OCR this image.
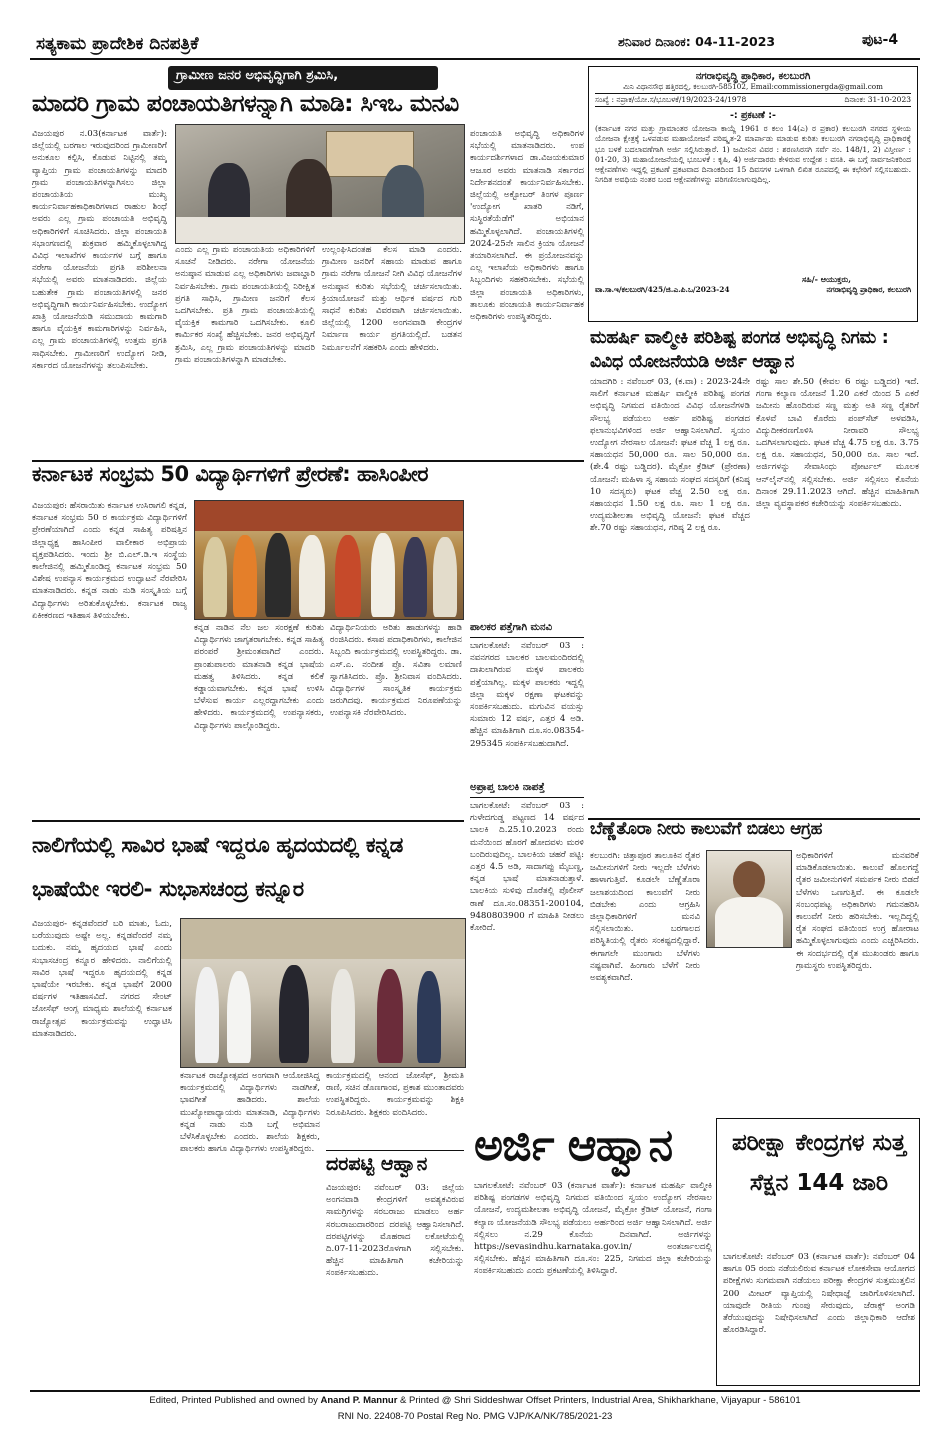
ಸತ್ಯಕಾಮ ಪ್ರಾದೇಶಿಕ ದಿನಪತ್ರಿಕೆ	ಶನಿವಾರ ದಿನಾಂಕ: 04-11-2023	ಪುಟ-4
ಗ್ರಾಮೀಣ ಜನರ ಅಭಿವೃದ್ಧಿಗಾಗಿ ಶ್ರಮಿಸಿ,
ಮಾದರಿ ಗ್ರಾಮ ಪಂಚಾಯತಿಗಳನ್ನಾಗಿ ಮಾಡಿ: ಸಿಇಒ ಮನವಿ
ವಿಜಯಪುರ ನ.03(ಕರ್ನಾಟಕ ವಾರ್ತೆ): ಜಿಲ್ಲೆಯಲ್ಲಿ ಬರಗಾಲ ಇರುವುದರಿಂದ ಗ್ರಾಮೀಣರಿಗೆ ಅನುಕೂಲ ಕಲ್ಪಿಸಿ, ಕೊಡುವ ನಿಟ್ಟಿನಲ್ಲಿ ತಮ್ಮ ವ್ಯಾಪ್ತಿಯ ಗ್ರಾಮ ಪಂಚಾಯತಿಗಳನ್ನು ಮಾದರಿ ಗ್ರಾಮ ಪಂಚಾಯತಿಗಳನ್ನಾಗಿಸಲು ಜಿಲ್ಲಾ ಪಂಚಾಯತಿಯ ಮುಖ್ಯ ಕಾರ್ಯನಿರ್ವಾಹಕಾಧಿಕಾರಿಗಳಾದ ರಾಹುಲ ಶಿಂಧೆ ಅವರು ಎಲ್ಲ ಗ್ರಾಮ ಪಂಚಾಯತಿ ಅಭಿವೃದ್ಧಿ ಅಧಿಕಾರಿಗಳಿಗೆ ಸೂಚಿಸಿದರು. ಜಿಲ್ಲಾ ಪಂಚಾಯತಿ ಸಭಾಂಗಣದಲ್ಲಿ ಶುಕ್ರವಾರ ಹಮ್ಮಿಕೊಳ್ಳಲಾಗಿದ್ದ ವಿವಿಧ ಇಲಾಖೆಗಳ ಕಾರ್ಯಗಳ ಬಗ್ಗೆ ಹಾಗೂ ನರೇಗಾ ಯೋಜನೆಯ ಪ್ರಗತಿ ಪರಿಶೀಲನಾ ಸಭೆಯಲ್ಲಿ ಅವರು ಮಾತನಾಡಿದರು. ಜಿಲ್ಲೆಯ ಬಹುತೇಕ ಗ್ರಾಮ ಪಂಚಾಯತಿಗಳಲ್ಲಿ ಜನರ ಅಭಿವೃದ್ಧಿಗಾಗಿ ಕಾರ್ಯನಿರ್ವಹಿಸಬೇಕು. ಉದ್ಯೋಗ ಖಾತ್ರಿ ಯೋಜನೆಯಡಿ ಸಮುದಾಯ ಕಾಮಗಾರಿ ಹಾಗೂ ವೈಯಕ್ತಿಕ ಕಾಮಗಾರಿಗಳನ್ನು ನಿರ್ವಹಿಸಿ, ಎಲ್ಲ ಗ್ರಾಮ ಪಂಚಾಯತಿಗಳಲ್ಲಿ ಉತ್ತಮ ಪ್ರಗತಿ ಸಾಧಿಸಬೇಕು. ಗ್ರಾಮೀಣರಿಗೆ ಉದ್ಯೋಗ ನೀಡಿ, ಸರ್ಕಾರದ ಯೋಜನೆಗಳನ್ನು ತಲುಪಿಸಬೇಕು.
ಎಂದು ಎಲ್ಲ ಗ್ರಾಮ ಪಂಚಾಯತಿಯ ಅಧಿಕಾರಿಗಳಿಗೆ ಸೂಚನೆ ನೀಡಿದರು. ನರೇಗಾ ಯೋಜನೆಯ ಅನುಷ್ಠಾನ ಮಾಡುವ ಎಲ್ಲ ಅಧಿಕಾರಿಗಳು ಜವಾಬ್ದಾರಿ ನಿರ್ವಹಿಸಬೇಕು. ಗ್ರಾಮ ಪಂಚಾಯತಿಯಲ್ಲಿ ನಿರೀಕ್ಷಿತ ಪ್ರಗತಿ ಸಾಧಿಸಿ, ಗ್ರಾಮೀಣ ಜನರಿಗೆ ಕೆಲಸ ಒದಗಿಸಬೇಕು. ಪ್ರತಿ ಗ್ರಾಮ ಪಂಚಾಯತಿಯಲ್ಲಿ ವೈಯಕ್ತಿಕ ಕಾಮಗಾರಿ ಒದಗಿಸಬೇಕು. ಕೂಲಿ ಕಾರ್ಮಿಕರ ಸಂಖ್ಯೆ ಹೆಚ್ಚಿಸಬೇಕು. ಜನರ ಅಭಿವೃದ್ಧಿಗೆ ಶ್ರಮಿಸಿ, ಎಲ್ಲ ಗ್ರಾಮ ಪಂಚಾಯತಿಗಳನ್ನು ಮಾದರಿ ಗ್ರಾಮ ಪಂಚಾಯತಿಗಳನ್ನಾಗಿ ಮಾಡಬೇಕು.
ಉಲ್ಲಂಘಿಸಿದಂತಹ ಕೆಲಸ ಮಾಡಿ ಎಂದರು. ಗ್ರಾಮೀಣ ಜನರಿಗೆ ಸಹಾಯ ಮಾಡುವ ಹಾಗೂ ಗ್ರಾಮ ನರೇಗಾ ಯೋಜನೆ ನೀಗಿ ವಿವಿಧ ಯೋಜನೆಗಳ ಅನುಷ್ಠಾನ ಕುರಿತು ಸಭೆಯಲ್ಲಿ ಚರ್ಚಿಸಲಾಯಿತು. ಕ್ರಿಯಾಯೋಜನೆ ಮತ್ತು ಆರ್ಥಿಕ ವರ್ಷದ ಗುರಿ ಸಾಧನೆ ಕುರಿತು ವಿವರವಾಗಿ ಚರ್ಚಿಸಲಾಯಿತು. ಜಿಲ್ಲೆಯಲ್ಲಿ 1200 ಅಂಗನವಾಡಿ ಕೇಂದ್ರಗಳ ನಿರ್ಮಾಣ ಕಾರ್ಯ ಪ್ರಗತಿಯಲ್ಲಿದೆ. ಬಡತನ ನಿರ್ಮೂಲನೆಗೆ ಸಹಕರಿಸಿ ಎಂದು ಹೇಳಿದರು.
ಪಂಚಾಯತಿ ಅಭಿವೃದ್ಧಿ ಅಧಿಕಾರಿಗಳ ಸಭೆಯಲ್ಲಿ ಮಾತನಾಡಿದರು. ಉಪ ಕಾರ್ಯದರ್ಶಿಗಳಾದ ಡಾ.ವಿಜಯಕುಮಾರ ಆಜೂರ ಅವರು ಮಾತನಾಡಿ ಸರ್ಕಾರದ ನಿರ್ದೇಶನದಂತೆ ಕಾರ್ಯನಿರ್ವಹಿಸಬೇಕು. ಜಿಲ್ಲೆಯಲ್ಲಿ ಅಕ್ಟೋಬರ್ ತಿಂಗಳ ಪೂರ್ಣ 'ಉದ್ಯೋಗ ಖಾತರಿ ನಡಿಗೆ, ಸುಸ್ಥಿರತೆಯೆಡೆಗೆ' ಅಭಿಯಾನ ಹಮ್ಮಿಕೊಳ್ಳಲಾಗಿದೆ. ಪಂಚಾಯತಿಗಳಲ್ಲಿ 2024-25ನೇ ಸಾಲಿನ ಕ್ರಿಯಾ ಯೋಜನೆ ತಯಾರಿಸಲಾಗಿದೆ. ಈ ಪ್ರಯೋಜನವನ್ನು ಎಲ್ಲ ಇಲಾಖೆಯ ಅಧಿಕಾರಿಗಳು ಹಾಗೂ ಸಿಬ್ಬಂದಿಗಳು ಸಹಕರಿಸಬೇಕು. ಸಭೆಯಲ್ಲಿ ಜಿಲ್ಲಾ ಪಂಚಾಯತಿ ಅಧಿಕಾರಿಗಳು, ತಾಲೂಕು ಪಂಚಾಯತಿ ಕಾರ್ಯನಿರ್ವಾಹಕ ಅಧಿಕಾರಿಗಳು ಉಪಸ್ಥಿತರಿದ್ದರು.
ನಗರಾಭಿವೃದ್ಧಿ ಪ್ರಾಧಿಕಾರ, ಕಲಬುರಗಿ
ಮಿನಿ ವಿಧಾನಸೌಧ ಹತ್ತಿರದಲ್ಲಿ, ಕಲಬುರಗಿ-585102, Email:commissionergda@gmail.com
ಸಂಖ್ಯೆ : ನಪ್ರಾಕ/ಯೋ.ಸ/ಭೂಬಳಕೆ/19/2023-24/1978	ದಿನಾಂಕ: 31-10-2023
-: ಪ್ರಕಟಣೆ :-
(ಕರ್ನಾಟಕ ನಗರ ಮತ್ತು ಗ್ರಾಮಾಂತರ ಯೋಜನಾ ಕಾಯ್ದೆ 1961 ರ ಕಲಂ 14(ಎ) ರ ಪ್ರಕಾರ) ಕಲಬುರಗಿ ನಗರದ ಸ್ಥಳೀಯ ಯೋಜನಾ ಕ್ಷೇತ್ರಕ್ಕೆ ಒಳಪಡುವ ಮಹಾಯೋಜನೆ ಪರಿಷ್ಕೃತ-2 ಮಾರ್ಪಾಡು ಮಾಡುವ ಕುರಿತು ಕಲಬುರಗಿ ನಗರಾಭಿವೃದ್ಧಿ ಪ್ರಾಧಿಕಾರಕ್ಕೆ ಭೂ ಬಳಕೆ ಬದಲಾವಣೆಗಾಗಿ ಅರ್ಜಿ ಸಲ್ಲಿಸಿರುತ್ತಾರೆ. 1) ಜಮೀನಿನ ವಿವರ : ಶರಣಸಿರಸಗಿ ಸರ್ವೆ ನಂ. 148/1, 2) ವಿಸ್ತೀರ್ಣ : 01-20, 3) ಮಹಾಯೋಜನೆಯಲ್ಲಿ ಭೂಬಳಕೆ : ಕೃಷಿ, 4) ಅರ್ಜಿದಾರರು ಕೇಳಿರುವ ಉದ್ದೇಶ : ವಸತಿ. ಈ ಬಗ್ಗೆ ಸಾರ್ವಜನಿಕರಿಂದ ಆಕ್ಷೇಪಣೆಗಳು ಇದ್ದಲ್ಲಿ ಪ್ರಕಟಣೆ ಪ್ರಕಟವಾದ ದಿನಾಂಕದಿಂದ 15 ದಿವಸಗಳ ಒಳಗಾಗಿ ಲಿಖಿತ ರೂಪದಲ್ಲಿ ಈ ಕಛೇರಿಗೆ ಸಲ್ಲಿಸಬಹುದು. ನಿಗದಿತ ಅವಧಿಯ ನಂತರ ಬಂದ ಆಕ್ಷೇಪಣೆಗಳನ್ನು ಪರಿಗಣಿಸಲಾಗುವುದಿಲ್ಲ.
ಸಹಿ/- ಆಯುಕ್ತರು,
ವಾ.ಸಾ.ಇ/ಕಲಬುರಗಿ/425/ಜಿ.ಎ.ಪಿ.ಒ/2023-24	ನಗರಾಭಿವೃದ್ಧಿ ಪ್ರಾಧಿಕಾರ, ಕಲಬುರಗಿ
ಮಹರ್ಷಿ ವಾಲ್ಮೀಕಿ ಪರಿಶಿಷ್ಟ ಪಂಗಡ ಅಭಿವೃದ್ಧಿ ನಿಗಮ : ವಿವಿಧ ಯೋಜನೆಯಡಿ ಅರ್ಜಿ ಆಹ್ವಾನ
ಯಾದಗಿರಿ : ನವೆಂಬರ್ 03, (ಕ.ವಾ) : 2023-24ನೇ ಸಾಲಿಗೆ ಕರ್ನಾಟಕ ಮಹರ್ಷಿ ವಾಲ್ಮೀಕಿ ಪರಿಶಿಷ್ಟ ಪಂಗಡ ಅಭಿವೃದ್ಧಿ ನಿಗಮದ ವತಿಯಿಂದ ವಿವಿಧ ಯೋಜನೆಗಳಡಿ ಸೌಲಭ್ಯ ಪಡೆಯಲು ಅರ್ಹ ಪರಿಶಿಷ್ಟ ಪಂಗಡದ ಫಲಾನುಭವಿಗಳಿಂದ ಅರ್ಜಿ ಆಹ್ವಾನಿಸಲಾಗಿದೆ. ಸ್ವಯಂ ಉದ್ಯೋಗ ನೇರಸಾಲ ಯೋಜನೆ: ಘಟಕ ವೆಚ್ಚ 1 ಲಕ್ಷ ರೂ. ಸಹಾಯಧನ 50,000 ರೂ. ಸಾಲ 50,000 ರೂ. (ಶೇ.4 ರಷ್ಟು ಬಡ್ಡಿದರ). ಮೈಕ್ರೋ ಕ್ರೆಡಿಟ್ (ಪ್ರೇರಣಾ) ಯೋಜನೆ: ಮಹಿಳಾ ಸ್ವ ಸಹಾಯ ಸಂಘದ ಸದಸ್ಯರಿಗೆ (ಕನಿಷ್ಠ 10 ಸದಸ್ಯರು) ಘಟಕ ವೆಚ್ಚ 2.50 ಲಕ್ಷ ರೂ. ಸಹಾಯಧನ 1.50 ಲಕ್ಷ ರೂ. ಸಾಲ 1 ಲಕ್ಷ ರೂ. ಉದ್ಯಮಶೀಲತಾ ಅಭಿವೃದ್ಧಿ ಯೋಜನೆ: ಘಟಕ ವೆಚ್ಚದ ಶೇ.70 ರಷ್ಟು ಸಹಾಯಧನ, ಗರಿಷ್ಠ 2 ಲಕ್ಷ ರೂ.
ರಷ್ಟು ಸಾಲ ಶೇ.50 (ಕೇವಲ 6 ರಷ್ಟು ಬಡ್ಡಿದರ) ಇದೆ. ಗಂಗಾ ಕಲ್ಯಾಣ ಯೋಜನೆ 1.20 ಎಕರೆ ಯಿಂದ 5 ಎಕರೆ ಜಮೀನು ಹೊಂದಿರುವ ಸಣ್ಣ ಮತ್ತು ಅತಿ ಸಣ್ಣ ರೈತರಿಗೆ ಕೊಳವೆ ಬಾವಿ ಕೊರೆದು ಪಂಪ್‌ಸೆಟ್ ಅಳವಡಿಸಿ, ವಿದ್ಯುದೀಕರಣಗೊಳಿಸಿ ನೀರಾವರಿ ಸೌಲಭ್ಯ ಒದಗಿಸಲಾಗುವುದು. ಘಟಕ ವೆಚ್ಚ 4.75 ಲಕ್ಷ ರೂ. 3.75 ಲಕ್ಷ ರೂ. ಸಹಾಯಧನ, 50,000 ರೂ. ಸಾಲ ಇದೆ. ಅರ್ಜಿಗಳನ್ನು ಸೇವಾಸಿಂಧು ಪೋರ್ಟಲ್ ಮೂಲಕ ಆನ್‌ಲೈನ್‌ನಲ್ಲಿ ಸಲ್ಲಿಸಬೇಕು. ಅರ್ಜಿ ಸಲ್ಲಿಸಲು ಕೊನೆಯ ದಿನಾಂಕ 29.11.2023 ಆಗಿದೆ. ಹೆಚ್ಚಿನ ಮಾಹಿತಿಗಾಗಿ ಜಿಲ್ಲಾ ವ್ಯವಸ್ಥಾಪಕರ ಕಚೇರಿಯನ್ನು ಸಂಪರ್ಕಿಸಬಹುದು.
ಕರ್ನಾಟಕ ಸಂಭ್ರಮ 50 ವಿದ್ಯಾರ್ಥಿಗಳಿಗೆ ಪ್ರೇರಣೆ: ಹಾಸಿಂಪೀರ
ವಿಜಯಪುರ: ಹೆಸರಾಯಿತು ಕರ್ನಾಟಕ ಉಸಿರಾಗಲಿ ಕನ್ನಡ, ಕರ್ನಾಟಕ ಸಂಭ್ರಮ 50 ರ ಕಾರ್ಯಕ್ರಮ ವಿದ್ಯಾರ್ಥಿಗಳಿಗೆ ಪ್ರೇರಣೆಯಾಗಿದೆ ಎಂದು ಕನ್ನಡ ಸಾಹಿತ್ಯ ಪರಿಷತ್ತಿನ ಜಿಲ್ಲಾಧ್ಯಕ್ಷ ಹಾಸಿಂಪೀರ ವಾಲೀಕಾರ ಅಭಿಪ್ರಾಯ ವ್ಯಕ್ತಪಡಿಸಿದರು. ಇಂದು ಶ್ರೀ ಬಿ.ಎಲ್.ಡಿ.ಇ ಸಂಸ್ಥೆಯ ಕಾಲೇಜಿನಲ್ಲಿ ಹಮ್ಮಿಕೊಂಡಿದ್ದ ಕರ್ನಾಟಕ ಸಂಭ್ರಮ 50 ವಿಶೇಷ ಉಪನ್ಯಾಸ ಕಾರ್ಯಕ್ರಮದ ಉದ್ಘಾಟನೆ ನೆರವೇರಿಸಿ ಮಾತನಾಡಿದರು. ಕನ್ನಡ ನಾಡು ನುಡಿ ಸಂಸ್ಕೃತಿಯ ಬಗ್ಗೆ ವಿದ್ಯಾರ್ಥಿಗಳು ಅರಿತುಕೊಳ್ಳಬೇಕು. ಕರ್ನಾಟಕ ರಾಜ್ಯ ಏಕೀಕರಣದ ಇತಿಹಾಸ ತಿಳಿಯಬೇಕು.
ಕನ್ನಡ ನಾಡಿನ ನೆಲ ಜಲ ಸಂರಕ್ಷಣೆ ಕುರಿತು ವಿದ್ಯಾರ್ಥಿಗಳು ಜಾಗೃತರಾಗಬೇಕು. ಕನ್ನಡ ಸಾಹಿತ್ಯ ಪರಂಪರೆ ಶ್ರೀಮಂತವಾಗಿದೆ ಎಂದರು. ಪ್ರಾಂಶುಪಾಲರು ಮಾತನಾಡಿ ಕನ್ನಡ ಭಾಷೆಯ ಮಹತ್ವ ತಿಳಿಸಿದರು. ಕನ್ನಡ ಕಲಿಕೆ ಕಡ್ಡಾಯವಾಗಬೇಕು. ಕನ್ನಡ ಭಾಷೆ ಉಳಿಸಿ ಬೆಳೆಸುವ ಕಾರ್ಯ ಎಲ್ಲರದ್ದಾಗಬೇಕು ಎಂದು ಹೇಳಿದರು. ಕಾರ್ಯಕ್ರಮದಲ್ಲಿ ಉಪನ್ಯಾಸಕರು, ವಿದ್ಯಾರ್ಥಿಗಳು ಪಾಲ್ಗೊಂಡಿದ್ದರು.
ವಿದ್ಯಾರ್ಥಿನಿಯರು ಅರಿತು ಹಾಡುಗಳನ್ನು ಹಾಡಿ ರಂಜಿಸಿದರು. ಕಸಾಪ ಪದಾಧಿಕಾರಿಗಳು, ಕಾಲೇಜಿನ ಸಿಬ್ಬಂದಿ ಕಾರ್ಯಕ್ರಮದಲ್ಲಿ ಉಪಸ್ಥಿತರಿದ್ದರು. ಡಾ. ಎಸ್.ಎ. ನಂದೀಶ ಪ್ರೊ. ಸವಿತಾ ಲಮಾಣಿ ಸ್ವಾಗತಿಸಿದರು. ಪ್ರೊ. ಶ್ರೀನಿವಾಸ ವಂದಿಸಿದರು. ವಿದ್ಯಾರ್ಥಿಗಳ ಸಾಂಸ್ಕೃತಿಕ ಕಾರ್ಯಕ್ರಮ ಜರುಗಿದವು. ಕಾರ್ಯಕ್ರಮದ ನಿರೂಪಣೆಯನ್ನು ಉಪನ್ಯಾಸಕಿ ನೆರವೇರಿಸಿದರು.
ಪಾಲಕರ ಪತ್ತೆಗಾಗಿ ಮನವಿ
ಬಾಗಲಕೋಟೆ: ನವೆಂಬರ್ 03 : ನವನಗರದ ಬಾಲಕರ ಬಾಲಮಂದಿರದಲ್ಲಿ ದಾಖಲಾಗಿರುವ ಮಕ್ಕಳ ಪಾಲಕರು ಪತ್ತೆಯಾಗಿಲ್ಲ. ಮಕ್ಕಳ ಪಾಲಕರು ಇದ್ದಲ್ಲಿ ಜಿಲ್ಲಾ ಮಕ್ಕಳ ರಕ್ಷಣಾ ಘಟಕವನ್ನು ಸಂಪರ್ಕಿಸಬಹುದು. ಮಗುವಿನ ವಯಸ್ಸು ಸುಮಾರು 12 ವರ್ಷ, ಎತ್ತರ 4 ಅಡಿ. ಹೆಚ್ಚಿನ ಮಾಹಿತಿಗಾಗಿ ದೂ.ಸಂ.08354-295345 ಸಂಪರ್ಕಿಸಬಹುದಾಗಿದೆ.
ಅಪ್ರಾಪ್ತ ಬಾಲಕಿ ನಾಪತ್ತೆ
ಬಾಗಲಕೋಟೆ: ನವೆಂಬರ್ 03 : ಗುಳೇದಗುಡ್ಡ ಪಟ್ಟಣದ 14 ವರ್ಷದ ಬಾಲಕಿ ದಿ.25.10.2023 ರಂದು ಮನೆಯಿಂದ ಹೊರಗೆ ಹೋದವಳು ಮರಳಿ ಬಂದಿರುವುದಿಲ್ಲ. ಬಾಲಕಿಯ ಚಹರೆ ಪಟ್ಟಿ: ಎತ್ತರ 4.5 ಅಡಿ, ಸಾದಾಗಪ್ಪು ಮೈಬಣ್ಣ, ಕನ್ನಡ ಭಾಷೆ ಮಾತನಾಡುತ್ತಾಳೆ. ಬಾಲಕಿಯ ಸುಳಿವು ದೊರೆತಲ್ಲಿ ಪೊಲೀಸ್ ಠಾಣೆ ದೂ.ಸಂ.08351-200104, 9480803900 ಗೆ ಮಾಹಿತಿ ನೀಡಲು ಕೋರಿದೆ.
ಬೆಣ್ಣೆತೊರಾ ನೀರು ಕಾಲುವೆಗೆ ಬಿಡಲು ಆಗ್ರಹ
ಕಲಬುರಗಿ: ಚಿತ್ತಾಪೂರ ತಾಲೂಕಿನ ರೈತರ ಜಮೀನುಗಳಿಗೆ ನೀರು ಇಲ್ಲದೇ ಬೆಳೆಗಳು ಹಾಳಾಗುತ್ತಿವೆ. ಕೂಡಲೇ ಬೆಣ್ಣೆತೊರಾ ಜಲಾಶಯದಿಂದ ಕಾಲುವೆಗೆ ನೀರು ಬಿಡಬೇಕು ಎಂದು ಆಗ್ರಹಿಸಿ ಜಿಲ್ಲಾಧಿಕಾರಿಗಳಿಗೆ ಮನವಿ ಸಲ್ಲಿಸಲಾಯಿತು. ಬರಗಾಲದ ಪರಿಸ್ಥಿತಿಯಲ್ಲಿ ರೈತರು ಸಂಕಷ್ಟದಲ್ಲಿದ್ದಾರೆ. ಈಗಾಗಲೇ ಮುಂಗಾರು ಬೆಳೆಗಳು ನಷ್ಟವಾಗಿವೆ. ಹಿಂಗಾರು ಬೆಳೆಗೆ ನೀರು ಅವಶ್ಯಕವಾಗಿದೆ.
ಅಧಿಕಾರಿಗಳಿಗೆ ಮನವರಿಕೆ ಮಾಡಿಕೊಡಲಾಯಿತು. ಕಾಲುವೆ ಹೊಲಗದ್ದೆ ರೈತರ ಜಮೀನುಗಳಿಗೆ ಸಮರ್ಪಕ ನೀರು ಬಿಡದೆ ಬೆಳೆಗಳು ಒಣಗುತ್ತಿವೆ. ಈ ಕೂಡಲೇ ಸಂಬಂಧಪಟ್ಟ ಅಧಿಕಾರಿಗಳು ಗಮನಹರಿಸಿ ಕಾಲುವೆಗೆ ನೀರು ಹರಿಸಬೇಕು. ಇಲ್ಲದಿದ್ದಲ್ಲಿ ರೈತ ಸಂಘದ ವತಿಯಿಂದ ಉಗ್ರ ಹೋರಾಟ ಹಮ್ಮಿಕೊಳ್ಳಲಾಗುವುದು ಎಂದು ಎಚ್ಚರಿಸಿದರು. ಈ ಸಂದರ್ಭದಲ್ಲಿ ರೈತ ಮುಖಂಡರು ಹಾಗೂ ಗ್ರಾಮಸ್ಥರು ಉಪಸ್ಥಿತರಿದ್ದರು.
ನಾಲಿಗೆಯಲ್ಲಿ ಸಾವಿರ ಭಾಷೆ ಇದ್ದರೂ ಹೃದಯದಲ್ಲಿ ಕನ್ನಡ ಭಾಷೆಯೇ ಇರಲಿ- ಸುಭಾಸಚಂದ್ರ ಕನ್ನೂರ
ವಿಜಯಪುರ- ಕನ್ನಡವೆಂದರೆ ಬರಿ ಮಾತು, ಓದು, ಬರೆಯುವುದು ಅಷ್ಟೇ ಅಲ್ಲ. ಕನ್ನಡವೆಂದರೆ ನಮ್ಮ ಬದುಕು. ನಮ್ಮ ಹೃದಯದ ಭಾಷೆ ಎಂದು ಸುಭಾಸಚಂದ್ರ ಕನ್ನೂರ ಹೇಳಿದರು. ನಾಲಿಗೆಯಲ್ಲಿ ಸಾವಿರ ಭಾಷೆ ಇದ್ದರೂ ಹೃದಯದಲ್ಲಿ ಕನ್ನಡ ಭಾಷೆಯೇ ಇರಬೇಕು. ಕನ್ನಡ ಭಾಷೆಗೆ 2000 ವರ್ಷಗಳ ಇತಿಹಾಸವಿದೆ. ನಗರದ ಸೇಂಟ್ ಜೋಸೆಫ್ ಆಂಗ್ಲ ಮಾಧ್ಯಮ ಶಾಲೆಯಲ್ಲಿ ಕರ್ನಾಟಕ ರಾಜ್ಯೋತ್ಸವ ಕಾರ್ಯಕ್ರಮವನ್ನು ಉದ್ಘಾಟಿಸಿ ಮಾತನಾಡಿದರು.
ಕರ್ನಾಟಕ ರಾಜ್ಯೋತ್ಸವದ ಅಂಗವಾಗಿ ಆಯೋಜಿಸಿದ್ದ ಕಾರ್ಯಕ್ರಮದಲ್ಲಿ ವಿದ್ಯಾರ್ಥಿಗಳು ನಾಡಗೀತೆ, ಭಾವಗೀತೆ ಹಾಡಿದರು. ಶಾಲೆಯ ಮುಖ್ಯೋಪಾಧ್ಯಾಯರು ಮಾತನಾಡಿ, ವಿದ್ಯಾರ್ಥಿಗಳು ಕನ್ನಡ ನಾಡು ನುಡಿ ಬಗ್ಗೆ ಅಭಿಮಾನ ಬೆಳೆಸಿಕೊಳ್ಳಬೇಕು ಎಂದರು. ಶಾಲೆಯ ಶಿಕ್ಷಕರು, ಪಾಲಕರು ಹಾಗೂ ವಿದ್ಯಾರ್ಥಿಗಳು ಉಪಸ್ಥಿತರಿದ್ದರು.
ಕಾರ್ಯಕ್ರಮದಲ್ಲಿ ಆನಂದ ಜೋಸೆಫ್, ಶ್ರೀಮತಿ ರಾಣಿ, ಸಚಿನ ಡೊಣಗಾಂವ, ಪ್ರಕಾಶ ಮುಂತಾದವರು ಉಪಸ್ಥಿತರಿದ್ದರು. ಕಾರ್ಯಕ್ರಮವನ್ನು ಶಿಕ್ಷಕಿ ನಿರೂಪಿಸಿದರು. ಶಿಕ್ಷಕರು ವಂದಿಸಿದರು.
ದರಪಟ್ಟಿ ಆಹ್ವಾನ
ವಿಜಯಪುರ: ನವೆಂಬರ್ 03: ಜಿಲ್ಲೆಯ ಅಂಗನವಾಡಿ ಕೇಂದ್ರಗಳಿಗೆ ಅವಶ್ಯಕವಿರುವ ಸಾಮಗ್ರಿಗಳನ್ನು ಸರಬರಾಜು ಮಾಡಲು ಅರ್ಹ ಸರಬರಾಜುದಾರರಿಂದ ದರಪಟ್ಟಿ ಆಹ್ವಾನಿಸಲಾಗಿದೆ. ದರಪಟ್ಟಿಗಳನ್ನು ಮೊಹರಾದ ಲಕೋಟೆಯಲ್ಲಿ ದಿ.07-11-2023ರೊಳಗಾಗಿ ಸಲ್ಲಿಸಬೇಕು. ಹೆಚ್ಚಿನ ಮಾಹಿತಿಗಾಗಿ ಕಚೇರಿಯನ್ನು ಸಂಪರ್ಕಿಸಬಹುದು.
ಅರ್ಜಿ ಆಹ್ವಾನ
ಬಾಗಲಕೋಟೆ: ನವೆಂಬರ್ 03 (ಕರ್ನಾಟಕ ವಾರ್ತೆ): ಕರ್ನಾಟಕ ಮಹರ್ಷಿ ವಾಲ್ಮೀಕಿ ಪರಿಶಿಷ್ಟ ಪಂಗಡಗಳ ಅಭಿವೃದ್ಧಿ ನಿಗಮದ ವತಿಯಿಂದ ಸ್ವಯಂ ಉದ್ಯೋಗ ನೇರಸಾಲ ಯೋಜನೆ, ಉದ್ಯಮಶೀಲತಾ ಅಭಿವೃದ್ಧಿ ಯೋಜನೆ, ಮೈಕ್ರೋ ಕ್ರೆಡಿಟ್ ಯೋಜನೆ, ಗಂಗಾ ಕಲ್ಯಾಣ ಯೋಜನೆಯಡಿ ಸೌಲಭ್ಯ ಪಡೆಯಲು ಅರ್ಹರಿಂದ ಅರ್ಜಿ ಆಹ್ವಾನಿಸಲಾಗಿದೆ. ಅರ್ಜಿ ಸಲ್ಲಿಸಲು ನ.29 ಕೊನೆಯ ದಿನವಾಗಿದೆ. ಅರ್ಜಿಗಳನ್ನು https://sevasindhu.karnataka.gov.in/ ಅಂತರ್ಜಾಲದಲ್ಲಿ ಸಲ್ಲಿಸಬೇಕು. ಹೆಚ್ಚಿನ ಮಾಹಿತಿಗಾಗಿ ದೂ.ಸಂ: 225, ನಿಗಮದ ಜಿಲ್ಲಾ ಕಚೇರಿಯನ್ನು ಸಂಪರ್ಕಿಸಬಹುದು ಎಂದು ಪ್ರಕಟಣೆಯಲ್ಲಿ ತಿಳಿಸಿದ್ದಾರೆ.
ಪರೀಕ್ಷಾ ಕೇಂದ್ರಗಳ ಸುತ್ತ ಸೆಕ್ಷನ 144 ಜಾರಿ
ಬಾಗಲಕೋಟೆ: ನವೆಂಬರ್ 03 (ಕರ್ನಾಟಕ ವಾರ್ತೆ): ನವೆಂಬರ್ 04 ಹಾಗೂ 05 ರಂದು ನಡೆಯಲಿರುವ ಕರ್ನಾಟಕ ಲೋಕಸೇವಾ ಆಯೋಗದ ಪರೀಕ್ಷೆಗಳು ಸುಗಮವಾಗಿ ನಡೆಯಲು ಪರೀಕ್ಷಾ ಕೇಂದ್ರಗಳ ಸುತ್ತಮುತ್ತಲಿನ 200 ಮೀಟರ್ ವ್ಯಾಪ್ತಿಯಲ್ಲಿ ನಿಷೇಧಾಜ್ಞೆ ಜಾರಿಗೊಳಿಸಲಾಗಿದೆ. ಯಾವುದೇ ರೀತಿಯ ಗುಂಪು ಸೇರುವುದು, ಜೆರಾಕ್ಸ್ ಅಂಗಡಿ ತೆರೆಯುವುದನ್ನು ನಿಷೇಧಿಸಲಾಗಿದೆ ಎಂದು ಜಿಲ್ಲಾಧಿಕಾರಿ ಆದೇಶ ಹೊರಡಿಸಿದ್ದಾರೆ.
Edited, Printed Published and owned by Anand P. Mannur & Printed @ Shri Siddeshwar Offset Printers, Industrial Area, Shikharkhane, Vijayapur - 586101
RNI No. 22408-70 Postal Reg No. PMG VJP/KA/NK/785/2021-23
